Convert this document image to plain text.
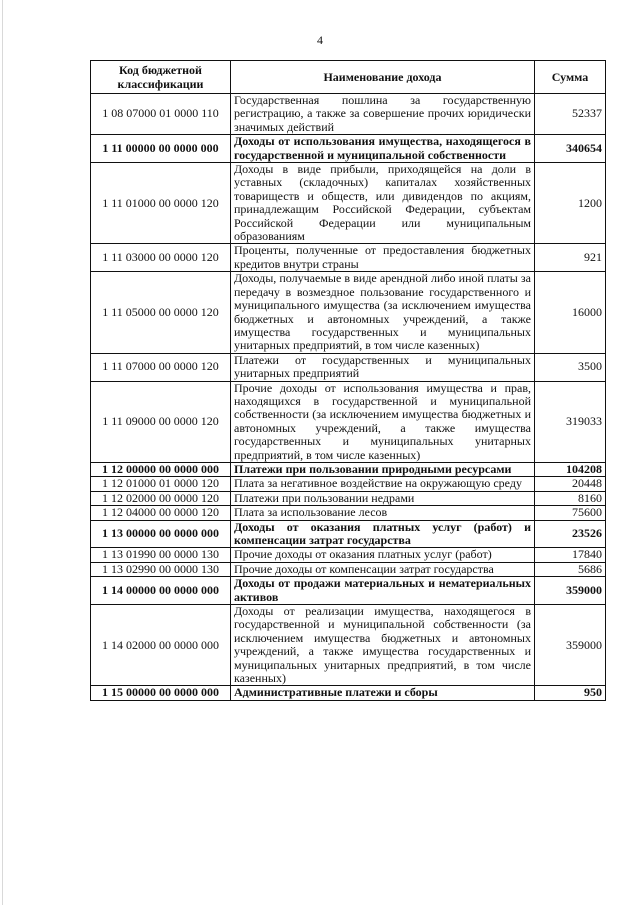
4
Код бюджетной классификации	Наименование дохода	Сумма
1 08 07000 01 0000 110	Государственная пошлина за государственную регистрацию, а также за совершение прочих юридически значимых действий	52337
1 11 00000 00 0000 000	Доходы от использования имущества, находящегося в государственной и муниципальной собственности	340654
1 11 01000 00 0000 120	Доходы в виде прибыли, приходящейся на доли в уставных (складочных) капиталах хозяйственных товариществ и обществ, или дивидендов по акциям, принадлежащим Российской Федерации, субъектам Российской Федерации или муниципальным образованиям	1200
1 11 03000 00 0000 120	Проценты, полученные от предоставления бюджетных кредитов внутри страны	921
1 11 05000 00 0000 120	Доходы, получаемые в виде арендной либо иной платы за передачу в возмездное пользование государственного и муниципального имущества (за исключением имущества бюджетных и автономных учреждений, а также имущества государственных и муниципальных унитарных предприятий, в том числе казенных)	16000
1 11 07000 00 0000 120	Платежи от государственных и муниципальных унитарных предприятий	3500
1 11 09000 00 0000 120	Прочие доходы от использования имущества и прав, находящихся в государственной и муниципальной собственности (за исключением имущества бюджетных и автономных учреждений, а также имущества государственных и муниципальных унитарных предприятий, в том числе казенных)	319033
1 12 00000 00 0000 000	Платежи при пользовании природными ресурсами	104208
1 12 01000 01 0000 120	Плата за негативное воздействие на окружающую среду	20448
1 12 02000 00 0000 120	Платежи при пользовании недрами	8160
1 12 04000 00 0000 120	Плата за использование лесов	75600
1 13 00000 00 0000 000	Доходы от оказания платных услуг (работ) и компенсации затрат государства	23526
1 13 01990 00 0000 130	Прочие доходы от оказания платных услуг (работ)	17840
1 13 02990 00 0000 130	Прочие доходы от компенсации затрат государства	5686
1 14 00000 00 0000 000	Доходы от продажи материальных и нематериальных активов	359000
1 14 02000 00 0000 000	Доходы от реализации имущества, находящегося в государственной и муниципальной собственности (за исключением имущества бюджетных и автономных учреждений, а также имущества государственных и муниципальных унитарных предприятий, в том числе казенных)	359000
1 15 00000 00 0000 000	Административные платежи и сборы	950
